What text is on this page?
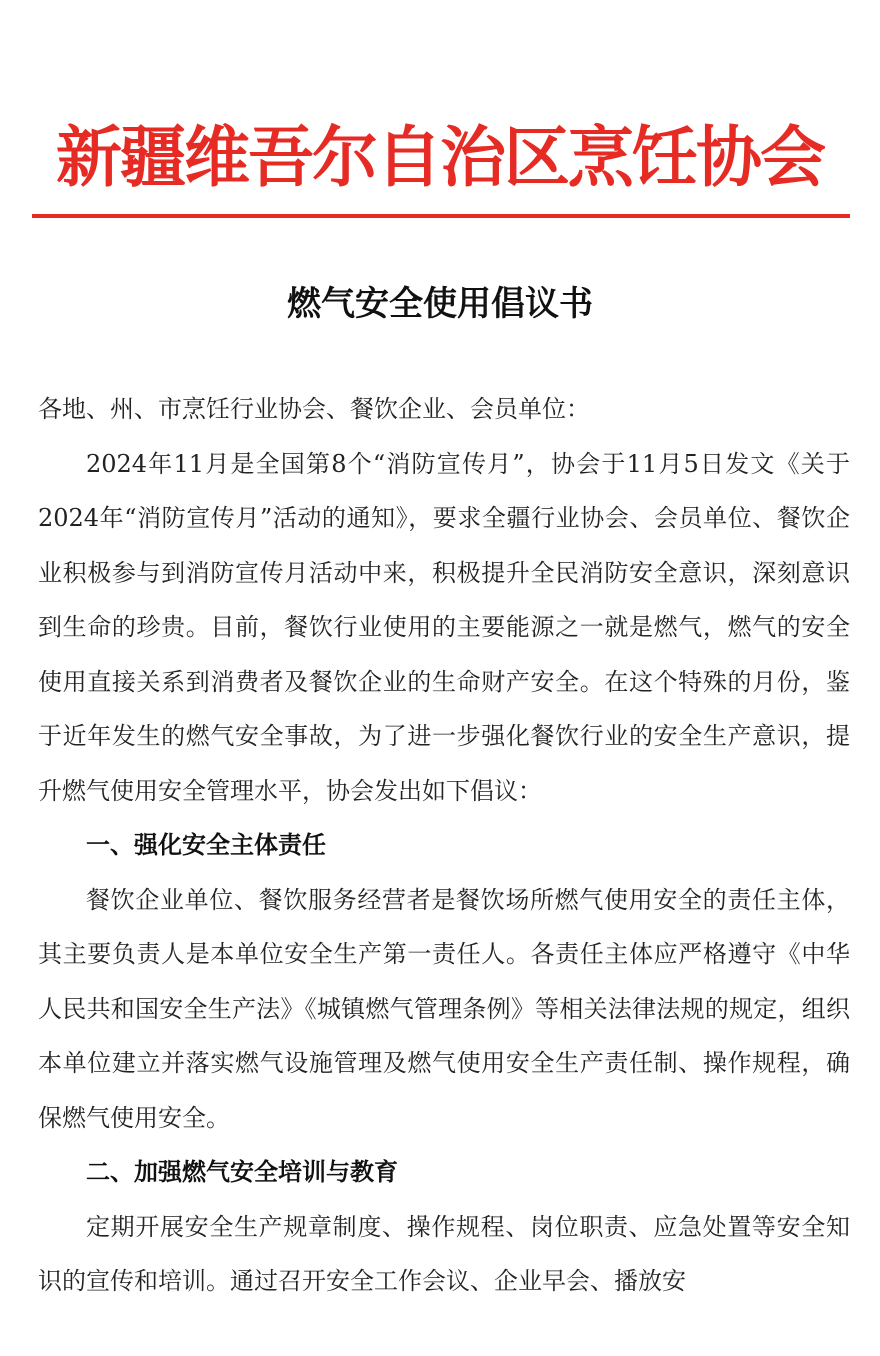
新疆维吾尔自治区烹饪协会
燃气安全使用倡议书

各地、州、市烹饪行业协会、餐饮企业、会员单位：

2024年11月是全国第8个“消防宣传月”，协会于11月5日发文《关于2024年“消防宣传月”活动的通知》，要求全疆行业协会、会员单位、餐饮企业积极参与到消防宣传月活动中来，积极提升全民消防安全意识，深刻意识到生命的珍贵。目前，餐饮行业使用的主要能源之一就是燃气，燃气的安全使用直接关系到消费者及餐饮企业的生命财产安全。在这个特殊的月份，鉴于近年发生的燃气安全事故，为了进一步强化餐饮行业的安全生产意识，提升燃气使用安全管理水平，协会发出如下倡议：

一、强化安全主体责任

餐饮企业单位、餐饮服务经营者是餐饮场所燃气使用安全的责任主体，其主要负责人是本单位安全生产第一责任人。各责任主体应严格遵守《中华人民共和国安全生产法》《城镇燃气管理条例》等相关法律法规的规定，组织本单位建立并落实燃气设施管理及燃气使用安全生产责任制、操作规程，确保燃气使用安全。

二、加强燃气安全培训与教育

定期开展安全生产规章制度、操作规程、岗位职责、应急处置等安全知识的宣传和培训。通过召开安全工作会议、企业早会、播放安
